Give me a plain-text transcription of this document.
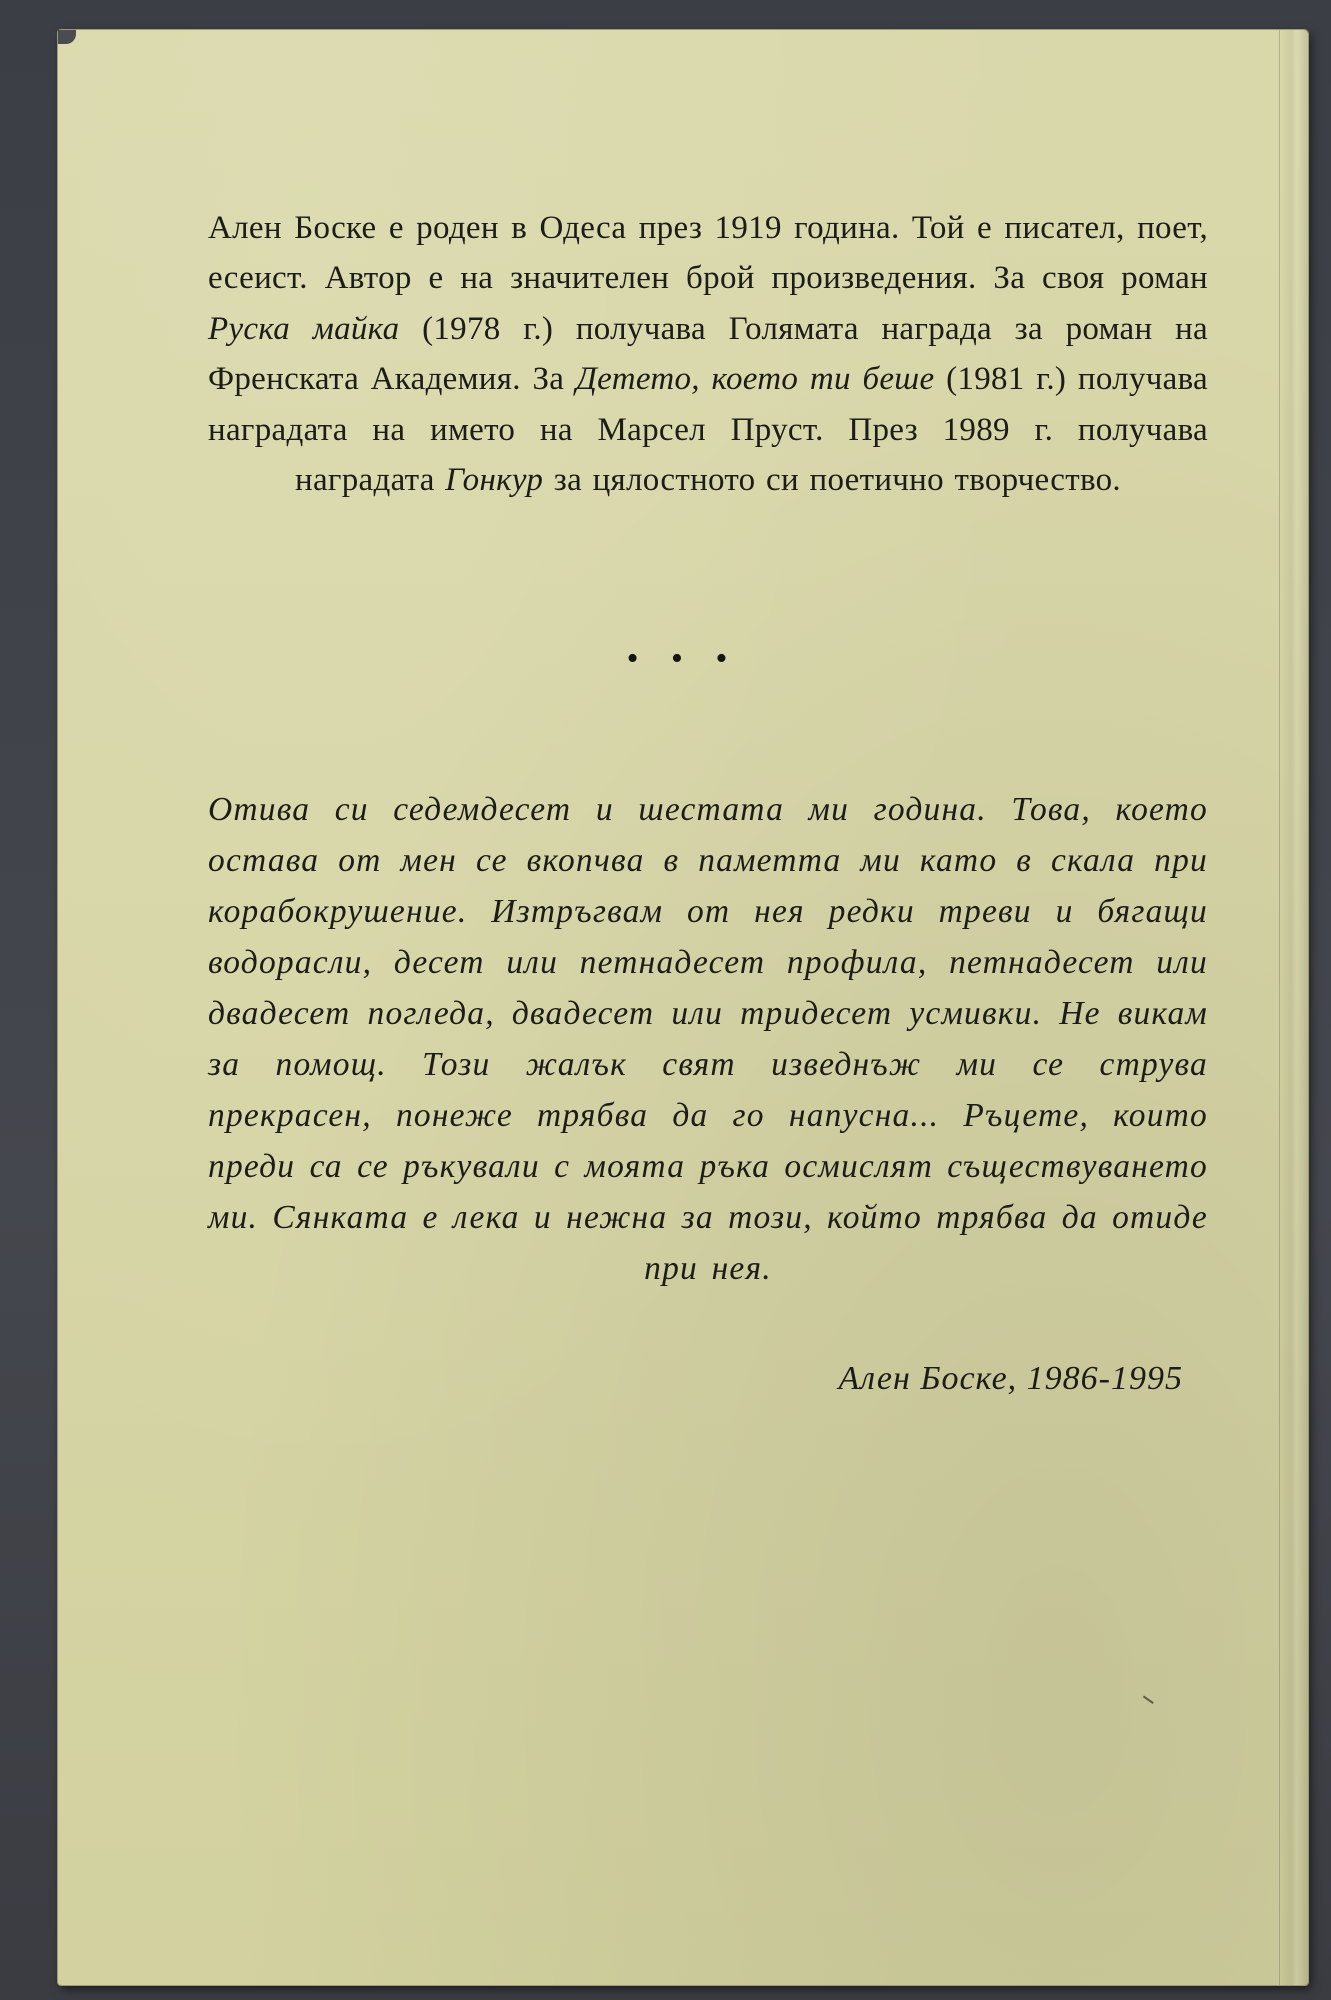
Ален Боске е роден в Одеса през 1919 година. Той е писател, поет, есеист. Автор е на значителен брой произведения. За своя роман Руска майка (1978 г.) получава Голямата награда за роман на Френската Академия. За Детето, което ти беше (1981 г.) получава наградата на името на Марсел Пруст. През 1989 г. получава наградата Гонкур за цялостното си поетично творчество.

• • •

Отива си седемдесет и шестата ми година. Това, което остава от мен се вкопчва в паметта ми като в скала при корабокрушение. Изтръгвам от нея редки треви и бягащи водорасли, десет или петнадесет профила, петнадесет или двадесет погледа, двадесет или тридесет усмивки. Не викам за помощ. Този жалък свят изведнъж ми се струва прекрасен, понеже трябва да го напусна... Ръцете, които преди са се ръкували с моята ръка осмислят съществуването ми. Сянката е лека и нежна за този, който трябва да отиде при нея.

Ален Боске, 1986-1995
